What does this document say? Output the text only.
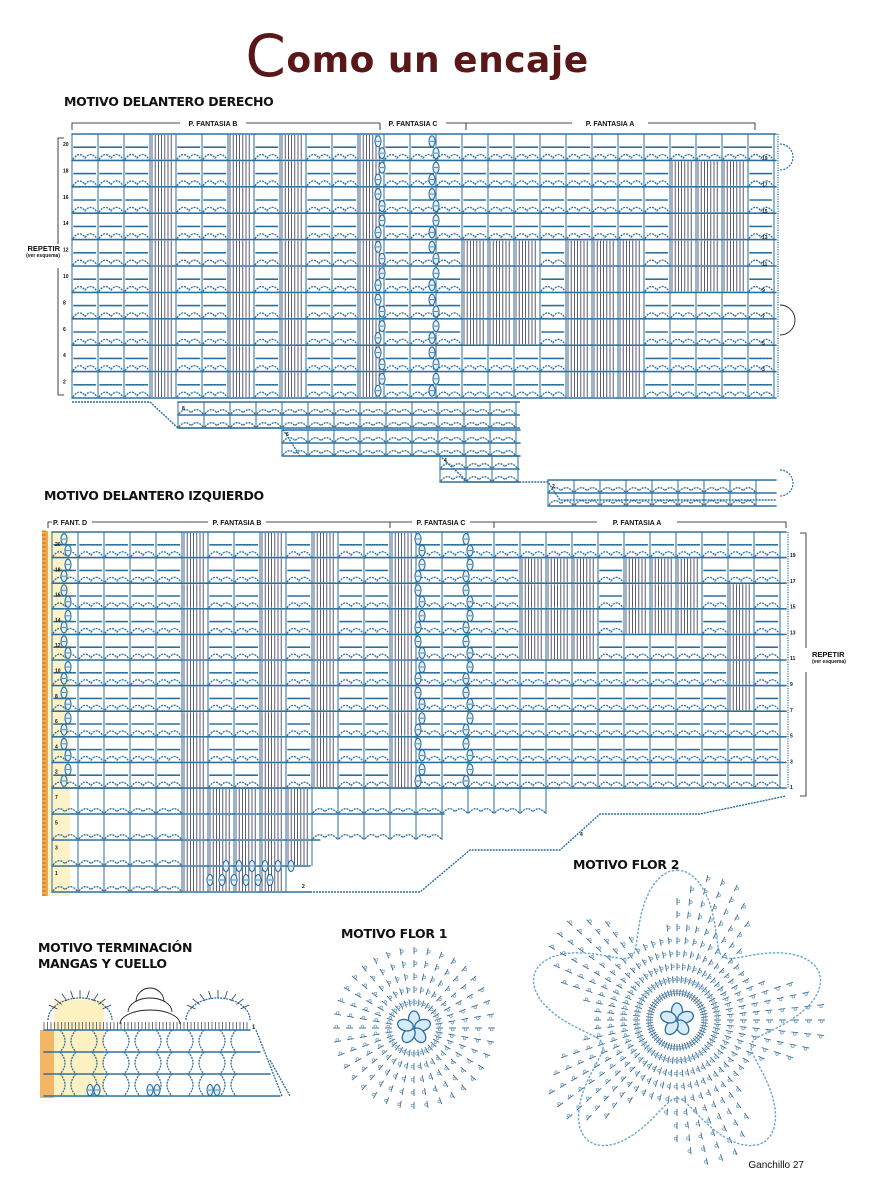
Como un encaje
MOTIVO DELANTERO DERECHO
MOTIVO DELANTERO IZQUIERDO
MOTIVO TERMINACIÓN
MANGAS Y CUELLO
MOTIVO FLOR 1
MOTIVO FLOR 2
REPETIR
(ver esquema)
REPETIR
(ver esquema)
Ganchillo 27
P. FANTASIA B	P. FANTASIA C	P. FANTASIA A
8
6
4
2
20
18
16
14
12
10
8
6
4
2
19
17
15
13
11
9
7
5
3
P. FANT. D	P. FANTASIA B	P. FANTASIA C	P. FANTASIA A
4
2
20
18
16
14
12
10
8
6
4
2
7
5
3
1
19
17
15
13
11
9
7
5
3
1
1
